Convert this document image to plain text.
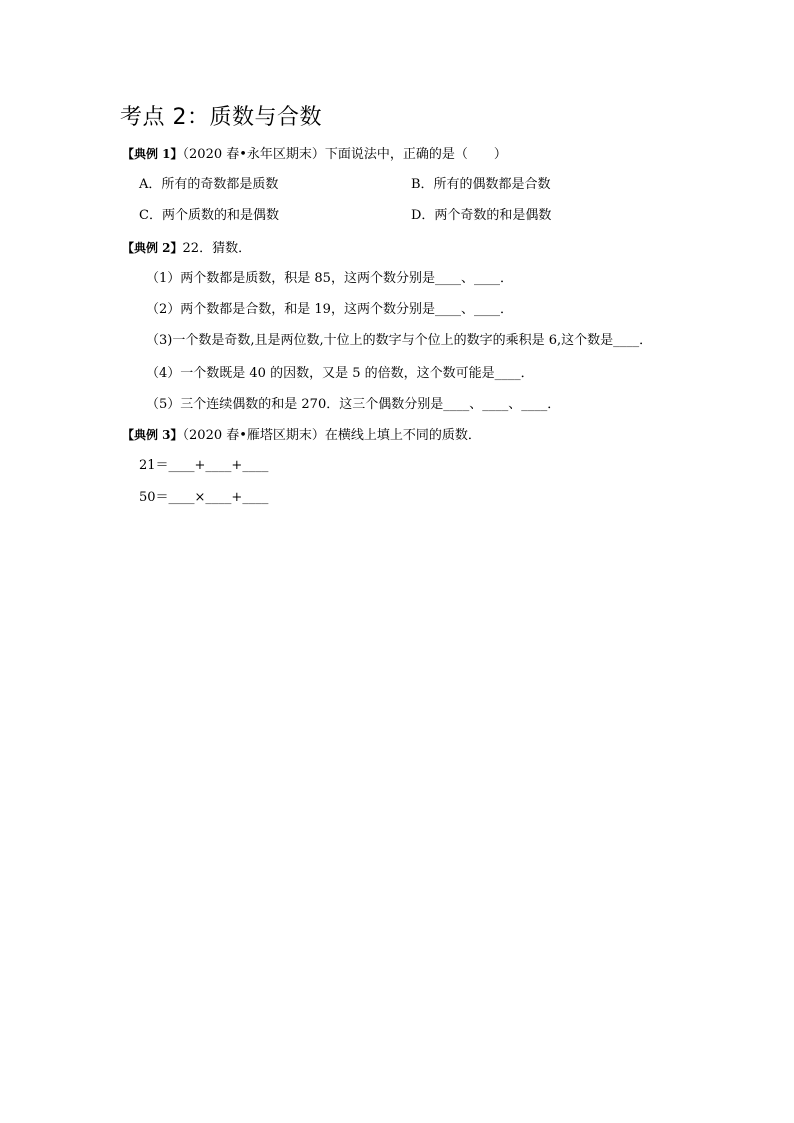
考点 2：质数与合数
【典例 1】（2020 春•永年区期末）下面说法中，正确的是（　　）
A．所有的奇数都是质数	B．所有的偶数都是合数
C．两个质数的和是偶数	D．两个奇数的和是偶数
【典例 2】22．猜数．
（1）两个数都是质数，积是 85，这两个数分别是____、____．
（2）两个数都是合数，和是 19，这两个数分别是____、____．
（3)一个数是奇数,且是两位数,十位上的数字与个位上的数字的乘积是 6,这个数是____．
（4）一个数既是 40 的因数，又是 5 的倍数，这个数可能是____．
（5）三个连续偶数的和是 270．这三个偶数分别是____、____、____．
【典例 3】（2020 春•雁塔区期末）在横线上填上不同的质数．
21＝____+____+____
50＝____×____+____
